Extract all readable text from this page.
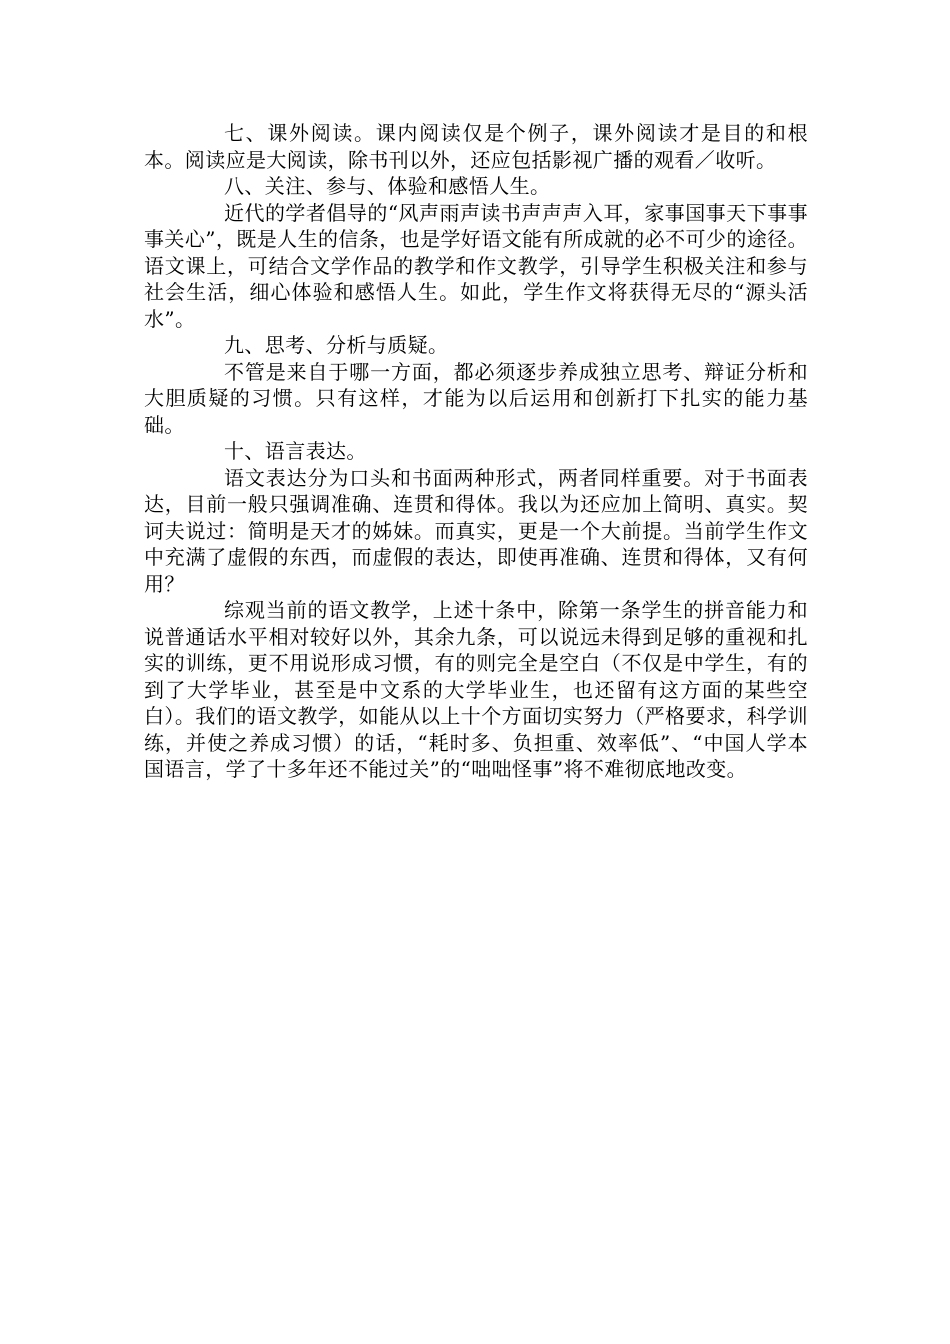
七、课外阅读。课内阅读仅是个例子，课外阅读才是目的和根本。阅读应是大阅读，除书刊以外，还应包括影视广播的观看／收听。

八、关注、参与、体验和感悟人生。

近代的学者倡导的“风声雨声读书声声声入耳，家事国事天下事事事关心”，既是人生的信条，也是学好语文能有所成就的必不可少的途径。语文课上，可结合文学作品的教学和作文教学，引导学生积极关注和参与社会生活，细心体验和感悟人生。如此，学生作文将获得无尽的“源头活水”。

九、思考、分析与质疑。

不管是来自于哪一方面，都必须逐步养成独立思考、辩证分析和大胆质疑的习惯。只有这样，才能为以后运用和创新打下扎实的能力基础。

十、语言表达。

语文表达分为口头和书面两种形式，两者同样重要。对于书面表达，目前一般只强调准确、连贯和得体。我以为还应加上简明、真实。契诃夫说过：简明是天才的姊妹。而真实，更是一个大前提。当前学生作文中充满了虚假的东西，而虚假的表达，即使再准确、连贯和得体，又有何用？

综观当前的语文教学，上述十条中，除第一条学生的拼音能力和说普通话水平相对较好以外，其余九条，可以说远未得到足够的重视和扎实的训练，更不用说形成习惯，有的则完全是空白（不仅是中学生，有的到了大学毕业，甚至是中文系的大学毕业生，也还留有这方面的某些空白）。我们的语文教学，如能从以上十个方面切实努力（严格要求，科学训练，并使之养成习惯）的话，“耗时多、负担重、效率低”、“中国人学本国语言，学了十多年还不能过关”的“咄咄怪事”将不难彻底地改变。
